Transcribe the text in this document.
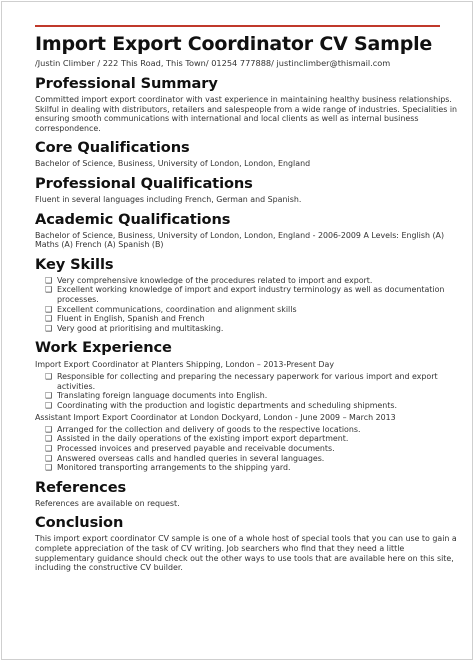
Import Export Coordinator CV Sample
/Justin Climber / 222 This Road, This Town/ 01254 777888/ justinclimber@thismail.com
Professional Summary

Committed import export coordinator with vast experience in maintaining healthy business relationships. Skilful in dealing with distributors, retailers and salespeople from a wide range of industries. Specialities in ensuring smooth communications with international and local clients as well as internal business correspondence.

Core Qualifications

Bachelor of Science, Business, University of London, London, England

Professional Qualifications

Fluent in several languages including French, German and Spanish.

Academic Qualifications

Bachelor of Science, Business, University of London, London, England - 2006-2009 A Levels: English (A) Maths (A) French (A) Spanish (B)

Key Skills
❑ Very comprehensive knowledge of the procedures related to import and export.
❑ Excellent working knowledge of import and export industry terminology as well as documentation processes.
❑ Excellent communications, coordination and alignment skills
❑ Fluent in English, Spanish and French
❑ Very good at prioritising and multitasking.
Work Experience
Import Export Coordinator at Planters Shipping, London – 2013-Present Day
❑ Responsible for collecting and preparing the necessary paperwork for various import and export activities.
❑ Translating foreign language documents into English.
❑ Coordinating with the production and logistic departments and scheduling shipments.
Assistant Import Export Coordinator at London Dockyard, London - June 2009 – March 2013
❑ Arranged for the collection and delivery of goods to the respective locations.
❑ Assisted in the daily operations of the existing import export department.
❑ Processed invoices and preserved payable and receivable documents.
❑ Answered overseas calls and handled queries in several languages.
❑ Monitored transporting arrangements to the shipping yard.
References

References are available on request.

Conclusion

This import export coordinator CV sample is one of a whole host of special tools that you can use to gain a complete appreciation of the task of CV writing. Job searchers who find that they need a little supplementary guidance should check out the other ways to use tools that are available here on this site, including the constructive CV builder.
